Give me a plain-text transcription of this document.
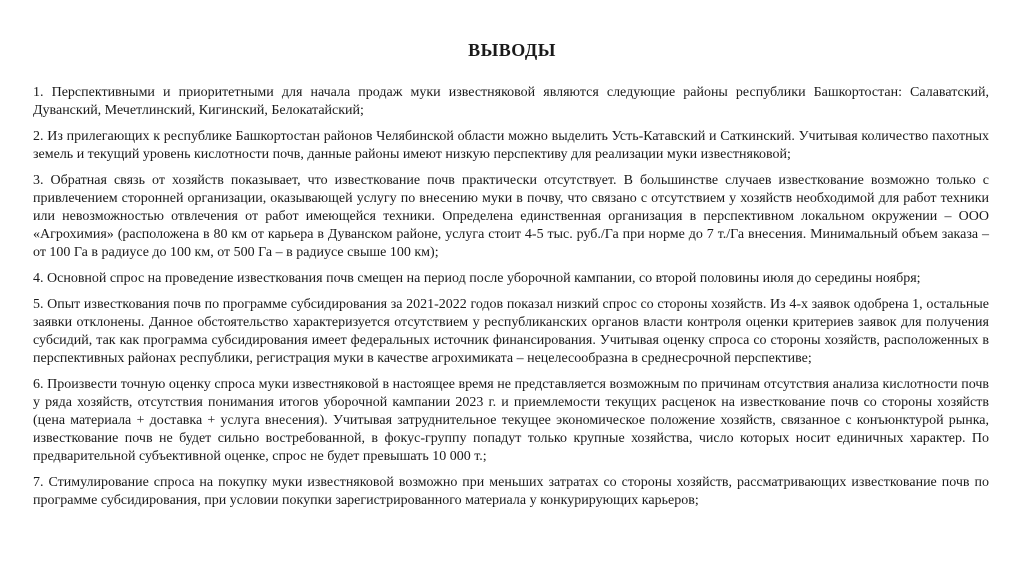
ВЫВОДЫ

1. Перспективными и приоритетными для начала продаж муки известняковой являются следующие районы республики Башкортостан: Салаватский, Дуванский, Мечетлинский, Кигинский, Белокатайский;

2. Из прилегающих к республике Башкортостан районов Челябинской области можно выделить Усть-Катавский и Саткинский. Учитывая количество пахотных земель и текущий уровень кислотности почв, данные районы имеют низкую перспективу для реализации муки известняковой;

3. Обратная связь от хозяйств показывает, что известкование почв практически отсутствует. В большинстве случаев известкование возможно только с привлечением сторонней организации, оказывающей услугу по внесению муки в почву, что связано с отсутствием у хозяйств необходимой для работ техники или невозможностью отвлечения от работ имеющейся техники. Определена единственная организация в перспективном локальном окружении – ООО «Агрохимия» (расположена в 80 км от карьера в Дуванском районе, услуга стоит 4-5 тыс. руб./Га при норме до 7 т./Га внесения. Минимальный объем заказа – от 100 Га в радиусе до 100 км, от 500 Га – в радиусе свыше 100 км);

4. Основной спрос на проведение известкования почв смещен на период после уборочной кампании, со второй половины июля до середины ноября;

5. Опыт известкования почв по программе субсидирования за 2021-2022 годов показал низкий спрос со стороны хозяйств. Из 4-х заявок одобрена 1, остальные заявки отклонены. Данное обстоятельство характеризуется отсутствием у республиканских органов власти контроля оценки критериев заявок для получения субсидий, так как программа субсидирования имеет федеральных источник финансирования. Учитывая оценку спроса со стороны хозяйств, расположенных в перспективных районах республики, регистрация муки в качестве агрохимиката – нецелесообразна в среднесрочной перспективе;

6. Произвести точную оценку спроса муки известняковой в настоящее время не представляется возможным по причинам отсутствия анализа кислотности почв у ряда хозяйств, отсутствия понимания итогов уборочной кампании 2023 г. и приемлемости текущих расценок на известкование почв со стороны хозяйств (цена материала + доставка + услуга внесения). Учитывая затруднительное текущее экономическое положение хозяйств, связанное с конъюнктурой рынка, известкование почв не будет сильно востребованной, в фокус-группу попадут только крупные хозяйства, число которых носит единичных характер. По предварительной субъективной оценке, спрос не будет превышать 10 000 т.;

7. Стимулирование спроса на покупку муки известняковой возможно при меньших затратах со стороны хозяйств, рассматривающих известкование почв по программе субсидирования, при условии покупки зарегистрированного материала у конкурирующих карьеров;
